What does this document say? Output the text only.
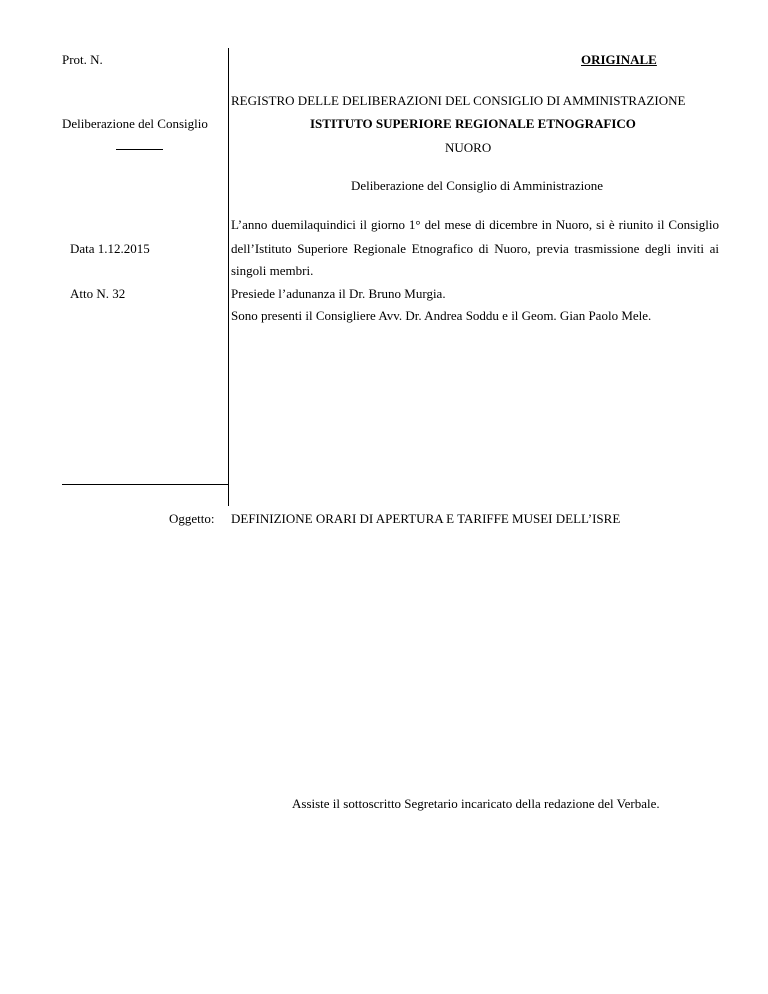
Prot. N.	ORIGINALE
REGISTRO DELLE DELIBERAZIONI DEL CONSIGLIO DI AMMINISTRAZIONE
ISTITUTO SUPERIORE REGIONALE ETNOGRAFICO
NUORO
Deliberazione del Consiglio
Data 1.12.2015
Atto N. 32
Oggetto:
Deliberazione del Consiglio di Amministrazione
L’anno duemilaquindici il giorno 1° del mese di dicembre in Nuoro, si è riunito il Consiglio
dell’Istituto Superiore Regionale Etnografico di Nuoro, previa trasmissione degli inviti ai
singoli membri.
Presiede l’adunanza il Dr. Bruno Murgia.
Sono presenti il Consigliere Avv. Dr. Andrea Soddu e il Geom. Gian Paolo Mele.
DEFINIZIONE ORARI DI APERTURA E TARIFFE MUSEI DELL’ISRE
Assiste il sottoscritto Segretario incaricato della redazione del Verbale.
